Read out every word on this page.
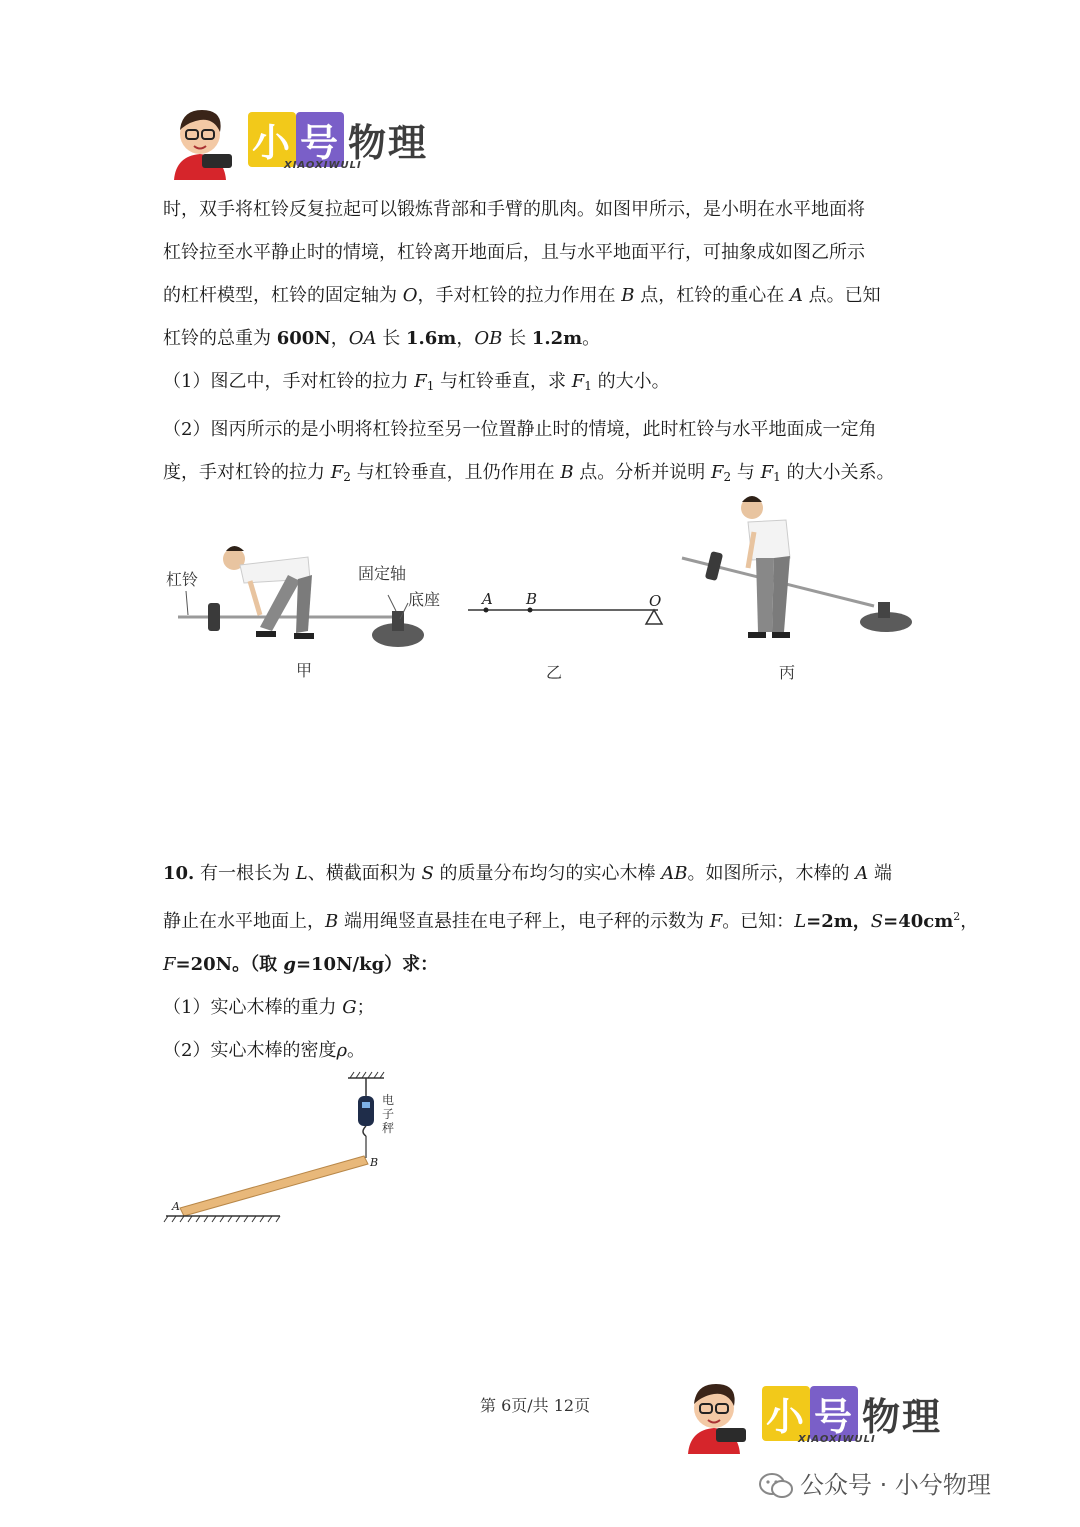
小 号 物理
XIAOXIWULI

时，双手将杠铃反复拉起可以锻炼背部和手臂的肌肉。如图甲所示，是小明在水平地面将

杠铃拉至水平静止时的情境，杠铃离开地面后，且与水平地面平行，可抽象成如图乙所示

的杠杆模型，杠铃的固定轴为 O，手对杠铃的拉力作用在 B 点，杠铃的重心在 A 点。已知

杠铃的总重为 600N，OA 长 1.6m，OB 长 1.2m。

（1）图乙中，手对杠铃的拉力 $F_1$ 与杠铃垂直，求 $F_1$ 的大小。

（2）图丙所示的是小明将杠铃拉至另一位置静止时的情境，此时杠铃与水平地面成一定角

度，手对杠铃的拉力 $F_2$ 与杠铃垂直，且仍作用在 B 点。分析并说明 $F_2$ 与 $F_1$ 的大小关系。

杠铃	固定轴
底座
甲
A B	O
乙	丙

10. 有一根长为 L、横截面积为 S 的质量分布均匀的实心木棒 AB。如图所示，木棒的 A 端

静止在水平地面上，B 端用绳竖直悬挂在电子秤上，电子秤的示数为 F。已知：L=2m，$S=40cm^2$，

F=20N。（取 g=10N/kg）求：

（1）实心木棒的重力 G；

（2）实心木棒的密度ρ。

电
子
秤
A
B
第 6页/共 12页	小 号 物理
XIAOXIWULI
公众号 · 小兮物理
